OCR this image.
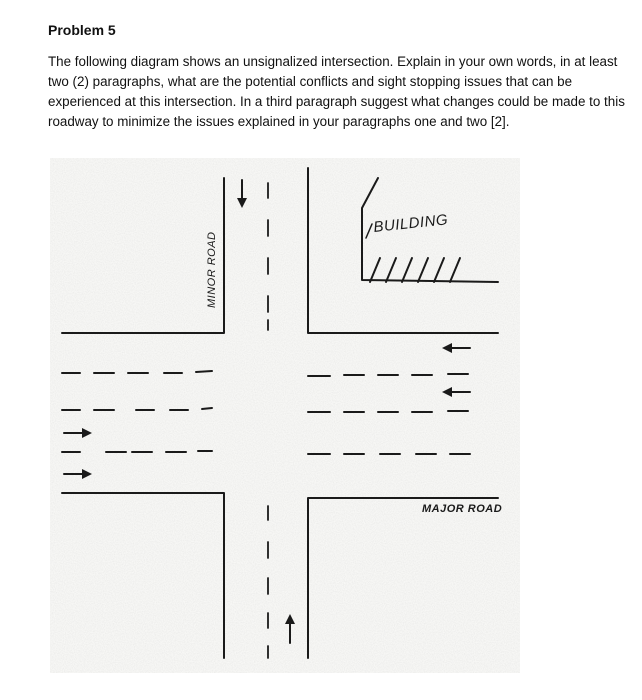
Problem 5

The following diagram shows an unsignalized intersection. Explain in your own words, in at least two (2) paragraphs, what are the potential conflicts and sight stopping issues that can be experienced at this intersection. In a third paragraph suggest what changes could be made to this roadway to minimize the issues explained in your paragraphs one and two [2].

BUILDING
MINOR ROAD
MAJOR ROAD
